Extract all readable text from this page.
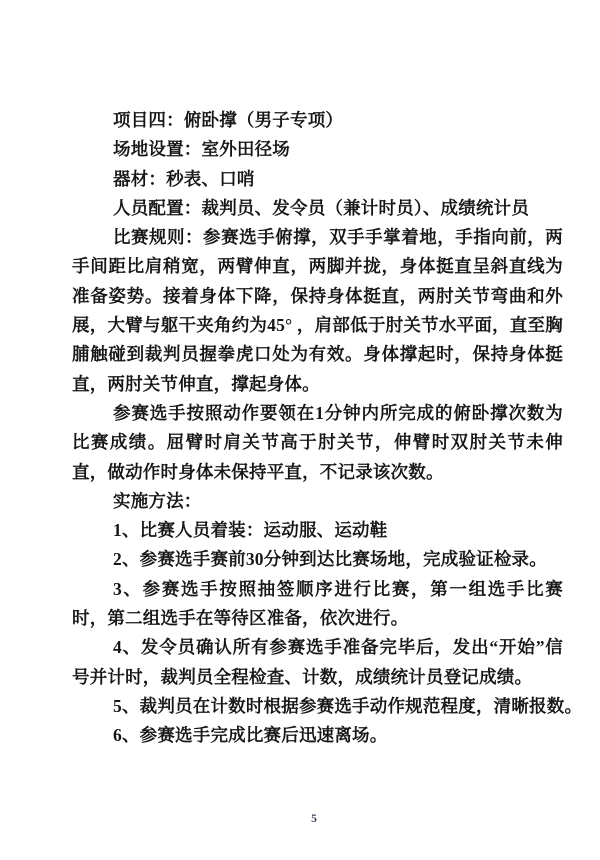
项目四：俯卧撑（男子专项）

场地设置：室外田径场

器材：秒表、口哨

人员配置：裁判员、发令员（兼计时员）、成绩统计员

比赛规则：参赛选手俯撑，双手手掌着地，手指向前，两手间距比肩稍宽，两臂伸直，两脚并拢，身体挺直呈斜直线为准备姿势。接着身体下降，保持身体挺直，两肘关节弯曲和外展，大臂与躯干夹角约为45° ，肩部低于肘关节水平面，直至胸脯触碰到裁判员握拳虎口处为有效。身体撑起时，保持身体挺直，两肘关节伸直，撑起身体。

参赛选手按照动作要领在1分钟内所完成的俯卧撑次数为比赛成绩。屈臂时肩关节高于肘关节，伸臂时双肘关节未伸直，做动作时身体未保持平直，不记录该次数。

实施方法：

1、比赛人员着装：运动服、运动鞋

2、参赛选手赛前30分钟到达比赛场地，完成验证检录。

3、参赛选手按照抽签顺序进行比赛，第一组选手比赛时，第二组选手在等待区准备，依次进行。

4、发令员确认所有参赛选手准备完毕后，发出“开始”信号并计时，裁判员全程检查、计数，成绩统计员登记成绩。

5、裁判员在计数时根据参赛选手动作规范程度，清晰报数。

6、参赛选手完成比赛后迅速离场。

5
